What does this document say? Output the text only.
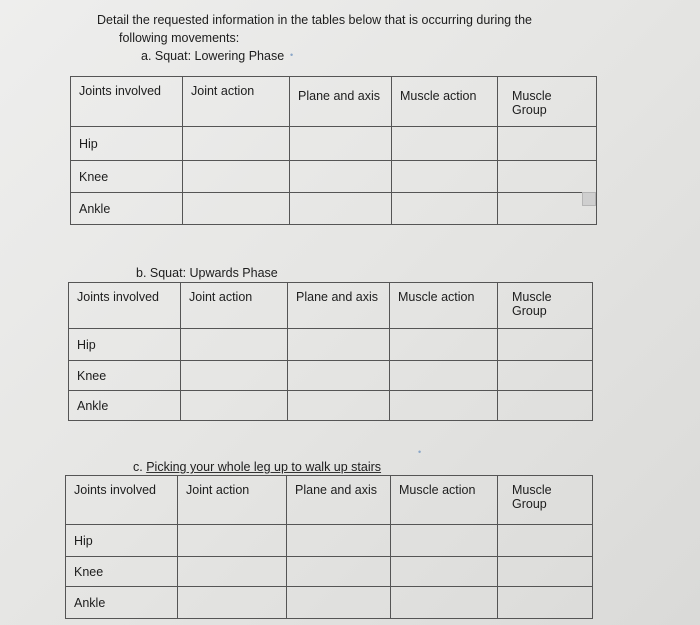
Detail the requested information in the tables below that is occurring during the
following movements:
a. Squat: Lowering Phase •
Joints involved	Joint action	Plane and axis	Muscle action	Muscle
Group

Hip				
Knee				
Ankle				
b. Squat: Upwards Phase
Joints involved	Joint action	Plane and axis	Muscle action	Muscle
Group

Hip				
Knee				
Ankle				
c. Picking your whole leg up to walk up stairs
•
Joints involved	Joint action	Plane and axis	Muscle action	Muscle
Group

Hip				
Knee				
Ankle				
